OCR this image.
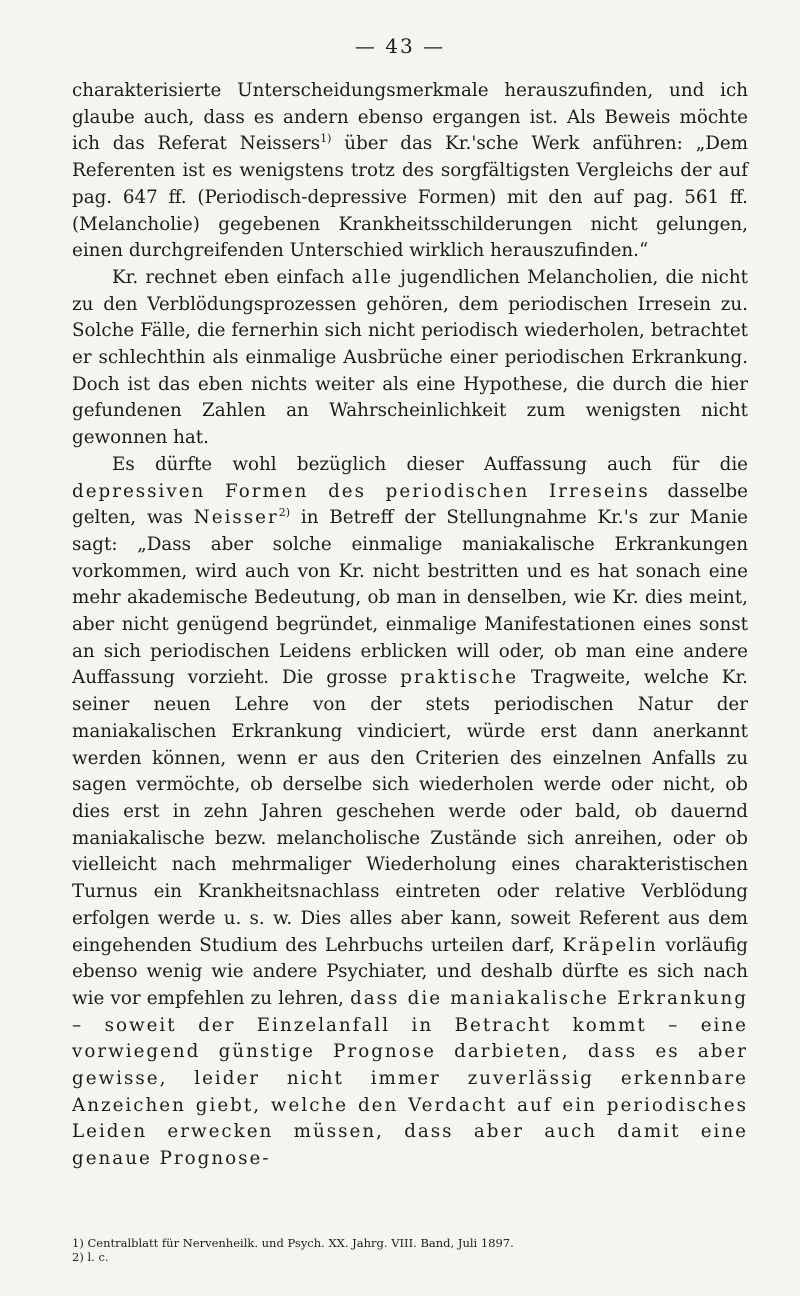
— 43 —

charakterisierte Unterscheidungsmerkmale herauszufinden, und ich glaube auch, dass es andern ebenso ergangen ist. Als Beweis möchte ich das Referat Neissers$^{1)}$ über das Kr.'sche Werk anführen: „Dem Referenten ist es wenigstens trotz des sorgfältigsten Vergleichs der auf pag. 647 ff. (Periodisch-depressive Formen) mit den auf pag. 561 ff. (Melancholie) gegebenen Krankheitsschilderungen nicht gelungen, einen durchgreifenden Unterschied wirklich herauszufinden.“

Kr. rechnet eben einfach alle jugendlichen Melancholien, die nicht zu den Verblödungsprozessen gehören, dem periodischen Irresein zu. Solche Fälle, die fernerhin sich nicht periodisch wiederholen, betrachtet er schlechthin als einmalige Ausbrüche einer periodischen Erkrankung. Doch ist das eben nichts weiter als eine Hypothese, die durch die hier gefundenen Zahlen an Wahrscheinlichkeit zum wenigsten nicht gewonnen hat.

Es dürfte wohl bezüglich dieser Auffassung auch für die depressiven Formen des periodischen Irreseins dasselbe gelten, was Neisser$^{2)}$ in Betreff der Stellungnahme Kr.'s zur Manie sagt: „Dass aber solche einmalige maniakalische Erkrankungen vorkommen, wird auch von Kr. nicht bestritten und es hat sonach eine mehr akademische Bedeutung, ob man in denselben, wie Kr. dies meint, aber nicht genügend begründet, einmalige Manifestationen eines sonst an sich periodischen Leidens erblicken will oder, ob man eine andere Auffassung vorzieht. Die grosse praktische Tragweite, welche Kr. seiner neuen Lehre von der stets periodischen Natur der maniakalischen Erkrankung vindiciert, würde erst dann anerkannt werden können, wenn er aus den Criterien des einzelnen Anfalls zu sagen vermöchte, ob derselbe sich wiederholen werde oder nicht, ob dies erst in zehn Jahren geschehen werde oder bald, ob dauernd maniakalische bezw. melancholische Zustände sich anreihen, oder ob vielleicht nach mehrmaliger Wiederholung eines charakteristischen Turnus ein Krankheitsnachlass eintreten oder relative Verblödung erfolgen werde u. s. w. Dies alles aber kann, soweit Referent aus dem eingehenden Studium des Lehrbuchs urteilen darf, Kräpelin vorläufig ebenso wenig wie andere Psychiater, und deshalb dürfte es sich nach wie vor empfehlen zu lehren, dass die maniakalische Erkrankung – soweit der Einzelanfall in Betracht kommt – eine vorwiegend günstige Prognose darbieten, dass es aber gewisse, leider nicht immer zuverlässig erkennbare Anzeichen giebt, welche den Verdacht auf ein periodisches Leiden erwecken müssen, dass aber auch damit eine genaue Prognose-

1) Centralblatt für Nervenheilk. und Psych. XX. Jahrg. VIII. Band, Juli 1897.
2) l. c.
